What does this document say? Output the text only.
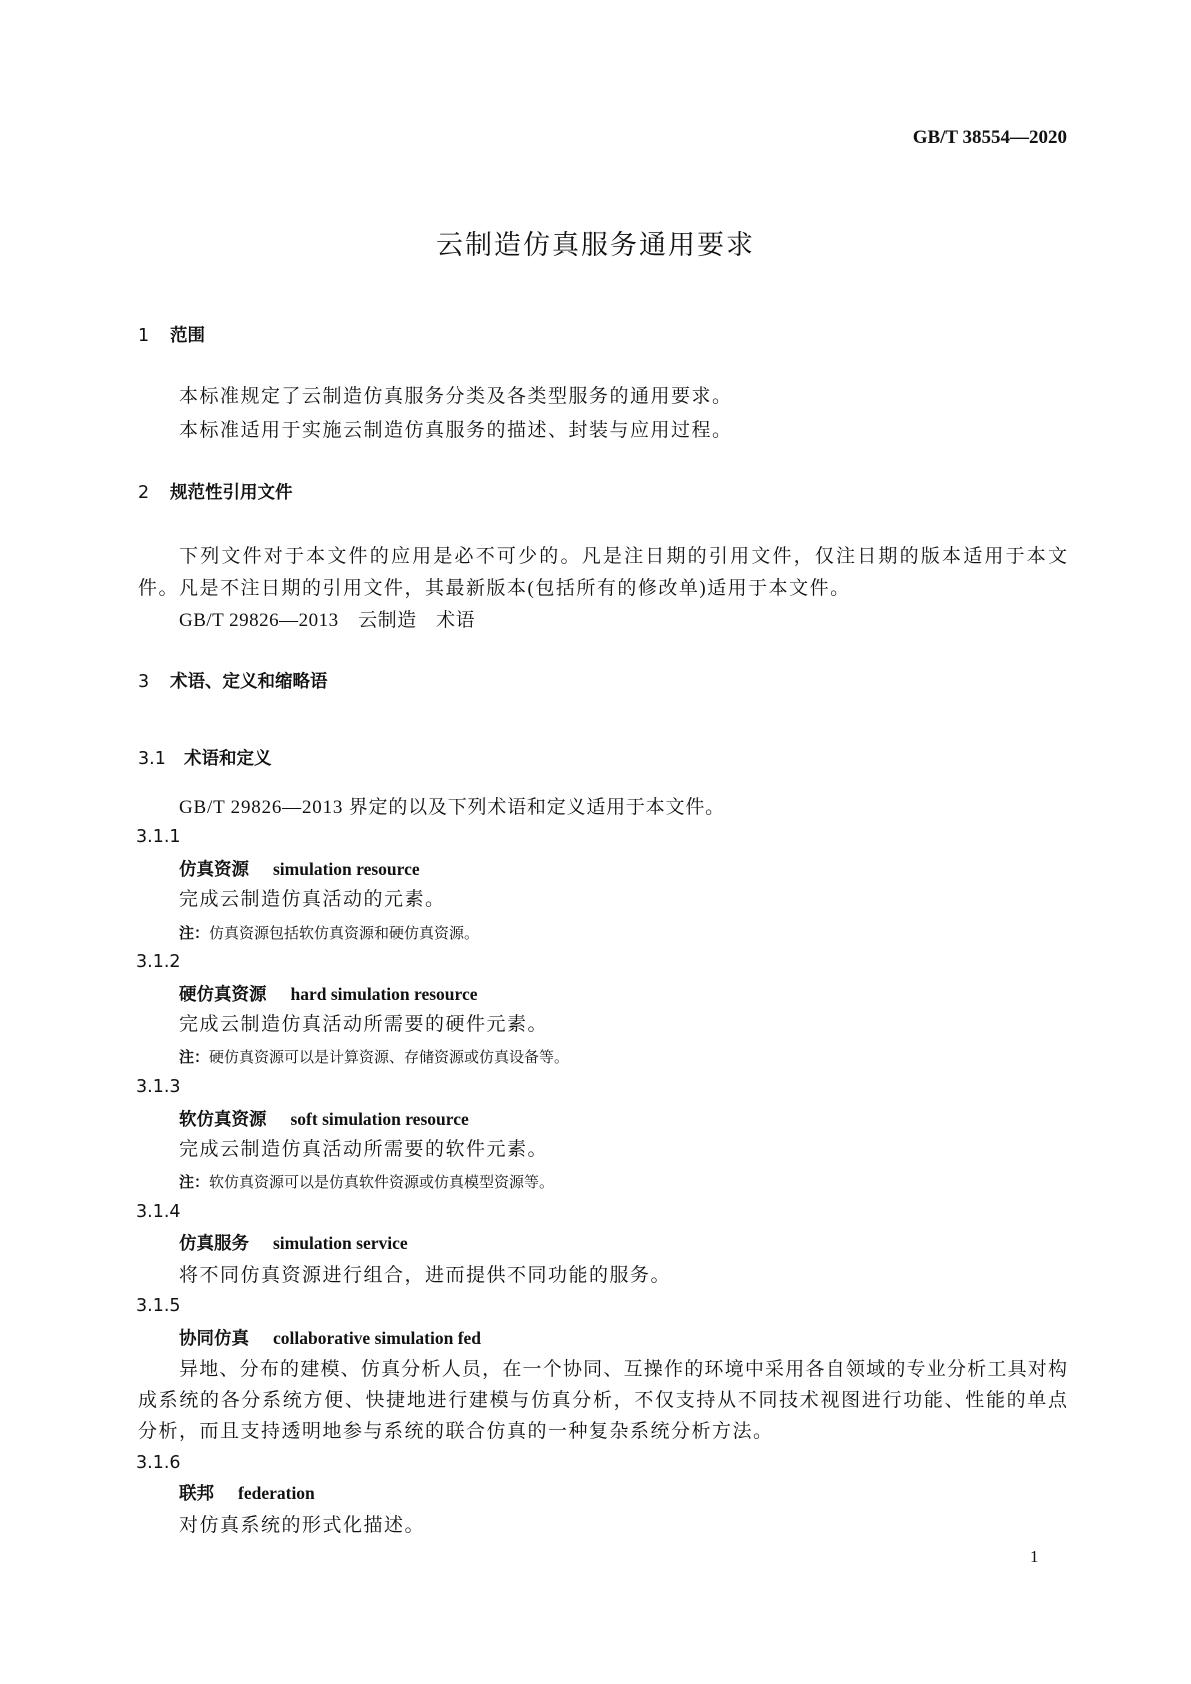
GB/T 38554—2020
云制造仿真服务通用要求
1 范围
本标准规定了云制造仿真服务分类及各类型服务的通用要求。
本标准适用于实施云制造仿真服务的描述、封装与应用过程。
2 规范性引用文件
下列文件对于本文件的应用是必不可少的。凡是注日期的引用文件，仅注日期的版本适用于本文
件。凡是不注日期的引用文件，其最新版本(包括所有的修改单)适用于本文件。
GB/T 29826—2013　云制造　术语
3 术语、定义和缩略语
3.1 术语和定义
GB/T 29826—2013 界定的以及下列术语和定义适用于本文件。
3.1.1
仿真资源 simulation resource
完成云制造仿真活动的元素。
注：仿真资源包括软仿真资源和硬仿真资源。
3.1.2
硬仿真资源 hard simulation resource
完成云制造仿真活动所需要的硬件元素。
注：硬仿真资源可以是计算资源、存储资源或仿真设备等。
3.1.3
软仿真资源 soft simulation resource
完成云制造仿真活动所需要的软件元素。
注：软仿真资源可以是仿真软件资源或仿真模型资源等。
3.1.4
仿真服务 simulation service
将不同仿真资源进行组合，进而提供不同功能的服务。
3.1.5
协同仿真 collaborative simulation fed
异地、分布的建模、仿真分析人员，在一个协同、互操作的环境中采用各自领域的专业分析工具对构
成系统的各分系统方便、快捷地进行建模与仿真分析，不仅支持从不同技术视图进行功能、性能的单点
分析，而且支持透明地参与系统的联合仿真的一种复杂系统分析方法。
3.1.6
联邦 federation
对仿真系统的形式化描述。
1
